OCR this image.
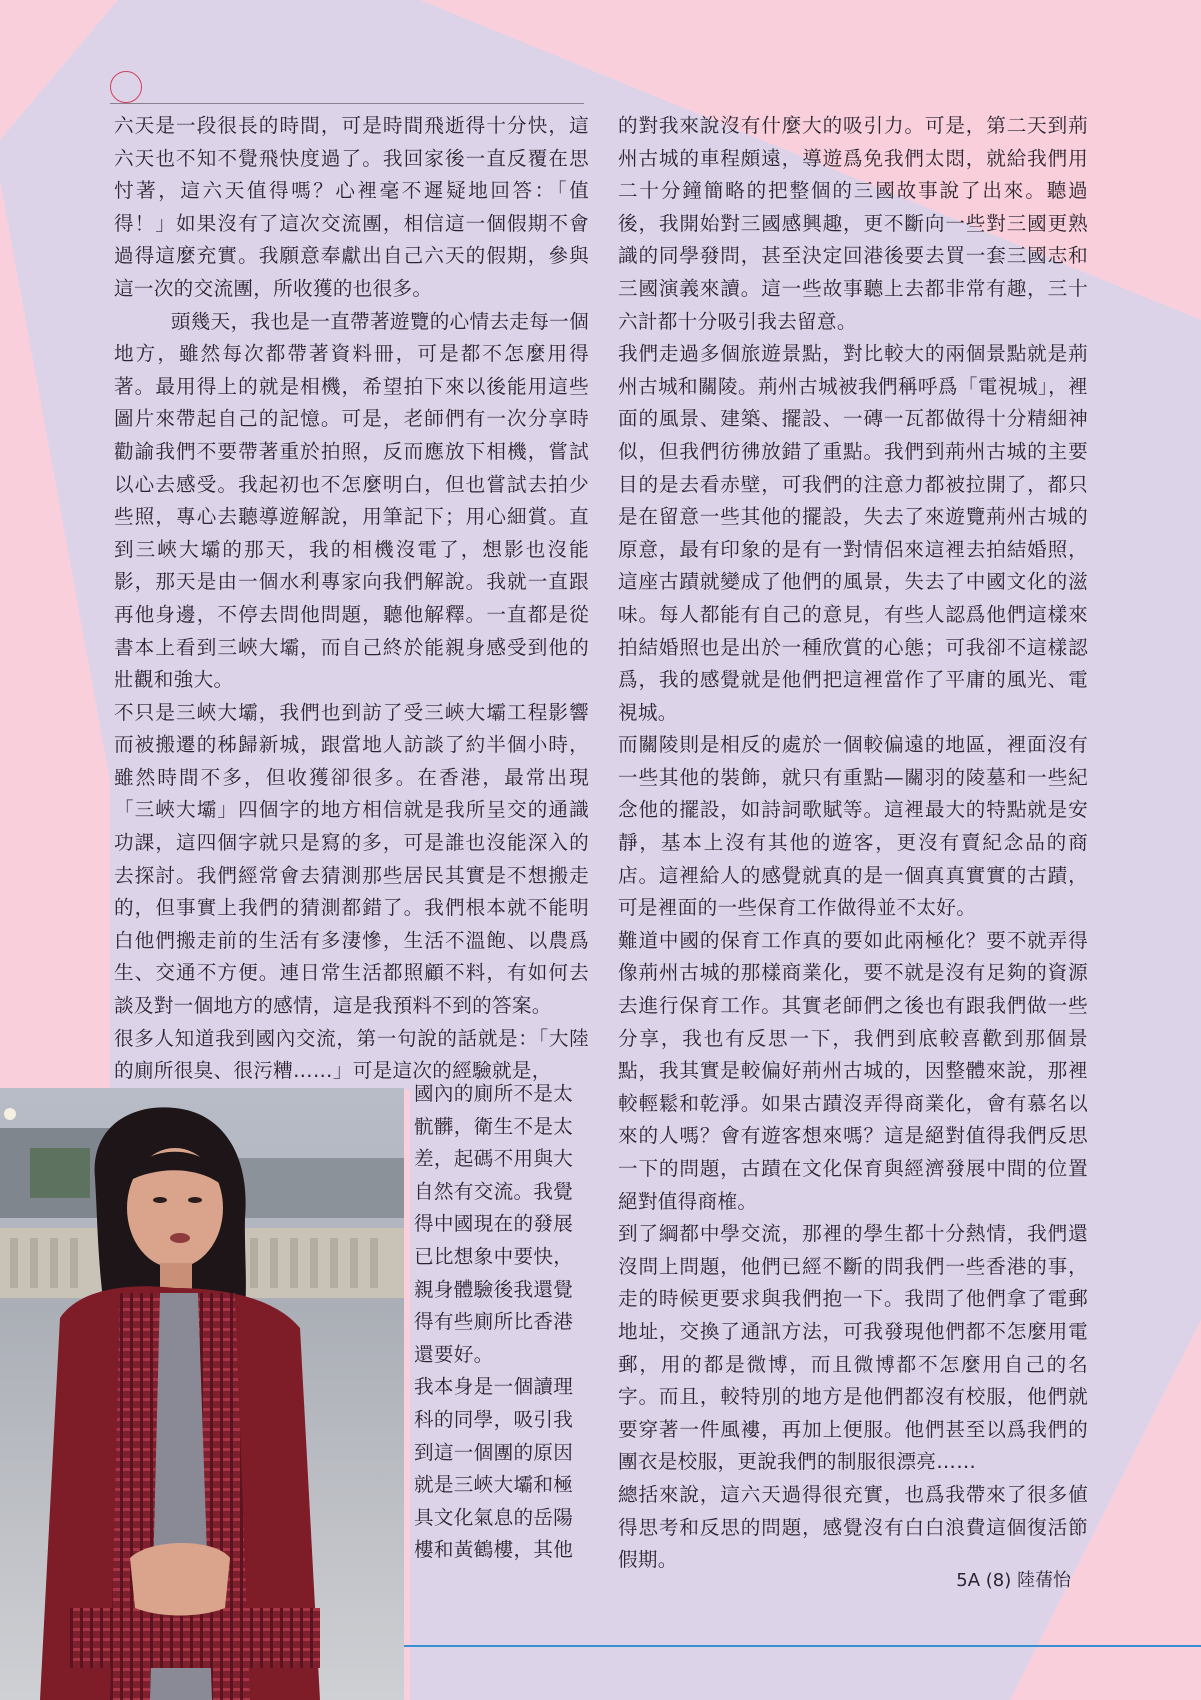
六天是一段很長的時間，可是時間飛逝得十分快，這六天也不知不覺飛快度過了。我回家後一直反覆在思忖著，這六天值得嗎？心裡毫不遲疑地回答：「值得！」如果沒有了這次交流團，相信這一個假期不會過得這麼充實。我願意奉獻出自己六天的假期，參與這一次的交流團，所收獲的也很多。

頭幾天，我也是一直帶著遊覽的心情去走每一個地方，雖然每次都帶著資料冊，可是都不怎麼用得著。最用得上的就是相機，希望拍下來以後能用這些圖片來帶起自己的記憶。可是，老師們有一次分享時勸諭我們不要帶著重於拍照，反而應放下相機，嘗試以心去感受。我起初也不怎麼明白，但也嘗試去拍少些照，專心去聽導遊解說，用筆記下；用心細賞。直到三峽大壩的那天，我的相機沒電了，想影也沒能影，那天是由一個水利專家向我們解說。我就一直跟再他身邊，不停去問他問題，聽他解釋。一直都是從書本上看到三峽大壩，而自己終於能親身感受到他的壯觀和強大。

不只是三峽大壩，我們也到訪了受三峽大壩工程影響而被搬遷的秭歸新城，跟當地人訪談了約半個小時，雖然時間不多，但收獲卻很多。在香港，最常出現「三峽大壩」四個字的地方相信就是我所呈交的通識功課，這四個字就只是寫的多，可是誰也沒能深入的去探討。我們經常會去猜測那些居民其實是不想搬走的，但事實上我們的猜測都錯了。我們根本就不能明白他們搬走前的生活有多淒慘，生活不溫飽、以農爲生、交通不方便。連日常生活都照顧不料，有如何去談及對一個地方的感情，這是我預料不到的答案。

很多人知道我到國內交流，第一句說的話就是：「大陸的廁所很臭、很污糟……」可是這次的經驗就是，

國內的廁所不是太骯髒，衛生不是太差，起碼不用與大自然有交流。我覺得中國現在的發展已比想象中要快，親身體驗後我還覺得有些廁所比香港還要好。

我本身是一個讀理科的同學，吸引我到這一個團的原因就是三峽大壩和極具文化氣息的岳陽樓和黃鶴樓，其他

的對我來說沒有什麼大的吸引力。可是，第二天到荊州古城的車程頗遠，導遊爲免我們太悶，就給我們用二十分鐘簡略的把整個的三國故事說了出來。聽過後，我開始對三國感興趣，更不斷向一些對三國更熟識的同學發問，甚至決定回港後要去買一套三國志和三國演義來讀。這一些故事聽上去都非常有趣，三十六計都十分吸引我去留意。

我們走過多個旅遊景點，對比較大的兩個景點就是荊州古城和關陵。荊州古城被我們稱呼爲「電視城」，裡面的風景、建築、擺設、一磚一瓦都做得十分精細神似，但我們彷彿放錯了重點。我們到荊州古城的主要目的是去看赤壁，可我們的注意力都被拉開了，都只是在留意一些其他的擺設，失去了來遊覽荊州古城的原意，最有印象的是有一對情侶來這裡去拍結婚照，這座古蹟就變成了他們的風景，失去了中國文化的滋味。每人都能有自己的意見，有些人認爲他們這樣來拍結婚照也是出於一種欣賞的心態；可我卻不這樣認爲，我的感覺就是他們把這裡當作了平庸的風光、電視城。

而關陵則是相反的處於一個較偏遠的地區，裡面沒有一些其他的裝飾，就只有重點—關羽的陵墓和一些紀念他的擺設，如詩詞歌賦等。這裡最大的特點就是安靜，基本上沒有其他的遊客，更沒有賣紀念品的商店。這裡給人的感覺就真的是一個真真實實的古蹟，可是裡面的一些保育工作做得並不太好。

難道中國的保育工作真的要如此兩極化？要不就弄得像荊州古城的那樣商業化，要不就是沒有足夠的資源去進行保育工作。其實老師們之後也有跟我們做一些分享，我也有反思一下，我們到底較喜歡到那個景點，我其實是較偏好荊州古城的，因整體來說，那裡較輕鬆和乾淨。如果古蹟沒弄得商業化，會有慕名以來的人嗎？會有遊客想來嗎？這是絕對值得我們反思一下的問題，古蹟在文化保育與經濟發展中間的位置絕對值得商榷。

到了綱都中學交流，那裡的學生都十分熱情，我們還沒問上問題，他們已經不斷的問我們一些香港的事，走的時候更要求與我們抱一下。我問了他們拿了電郵地址，交換了通訊方法，可我發現他們都不怎麼用電郵，用的都是微博，而且微博都不怎麼用自己的名字。而且，較特別的地方是他們都沒有校服，他們就要穿著一件風褸，再加上便服。他們甚至以爲我們的團衣是校服，更說我們的制服很漂亮……

總括來說，這六天過得很充實，也爲我帶來了很多値得思考和反思的問題，感覺沒有白白浪費這個復活節假期。

5A (8) 陸蒨怡
